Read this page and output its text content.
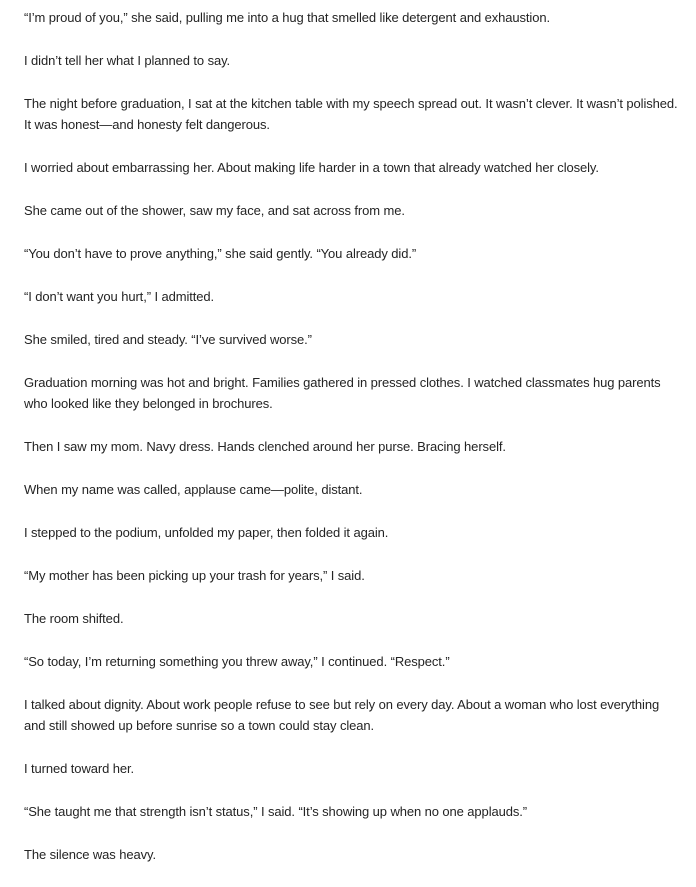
“I’m proud of you,” she said, pulling me into a hug that smelled like detergent and exhaustion.

I didn’t tell her what I planned to say.

The night before graduation, I sat at the kitchen table with my speech spread out. It wasn’t clever. It wasn’t polished. It was honest—and honesty felt dangerous.

I worried about embarrassing her. About making life harder in a town that already watched her closely.

She came out of the shower, saw my face, and sat across from me.

“You don’t have to prove anything,” she said gently. “You already did.”

“I don’t want you hurt,” I admitted.

She smiled, tired and steady. “I’ve survived worse.”

Graduation morning was hot and bright. Families gathered in pressed clothes. I watched classmates hug parents who looked like they belonged in brochures.

Then I saw my mom. Navy dress. Hands clenched around her purse. Bracing herself.

When my name was called, applause came—polite, distant.

I stepped to the podium, unfolded my paper, then folded it again.

“My mother has been picking up your trash for years,” I said.

The room shifted.

“So today, I’m returning something you threw away,” I continued. “Respect.”

I talked about dignity. About work people refuse to see but rely on every day. About a woman who lost everything and still showed up before sunrise so a town could stay clean.

I turned toward her.

“She taught me that strength isn’t status,” I said. “It’s showing up when no one applauds.”

The silence was heavy.
